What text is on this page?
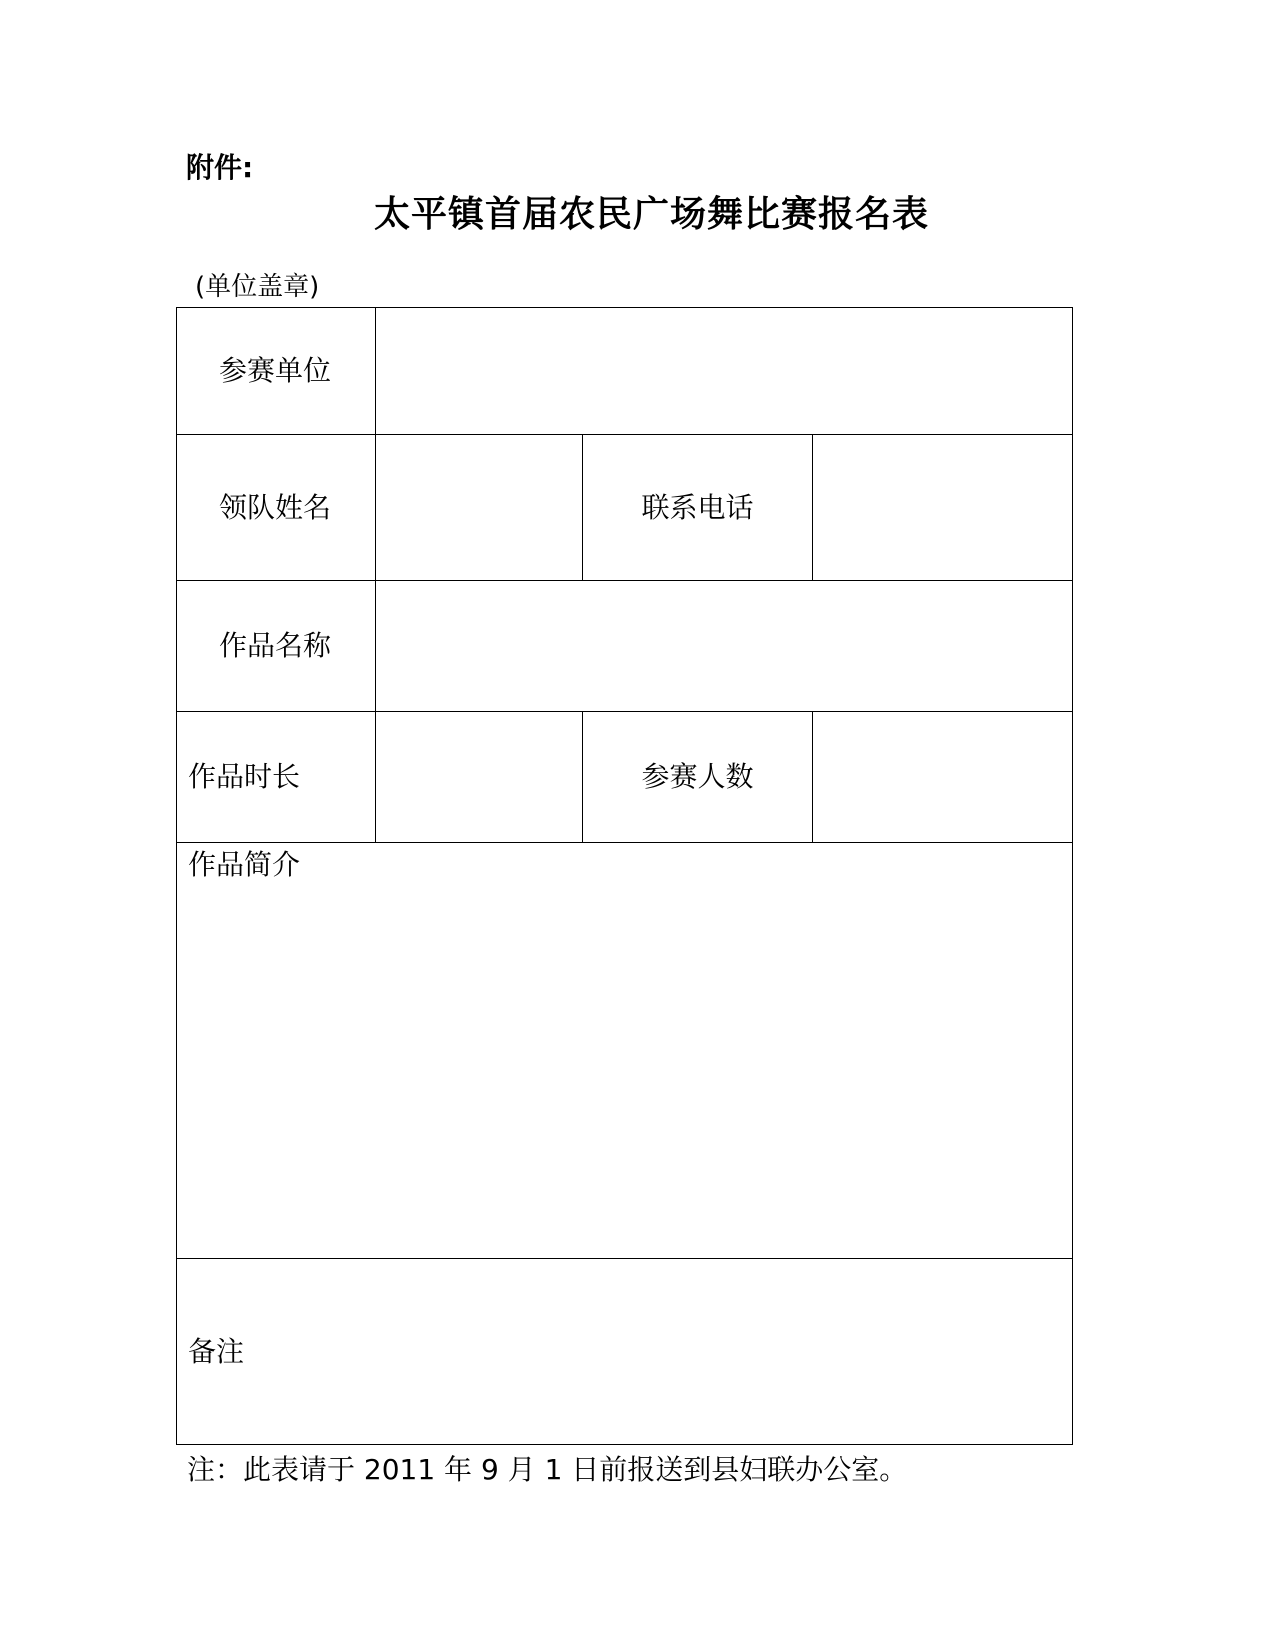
附件:
太平镇首届农民广场舞比赛报名表
(单位盖章)
参赛单位			
领队姓名		联系电话	
作品名称			
作品时长		参赛人数	
作品简介			
备注			
注：此表请于 2011 年 9 月 1 日前报送到县妇联办公室。
